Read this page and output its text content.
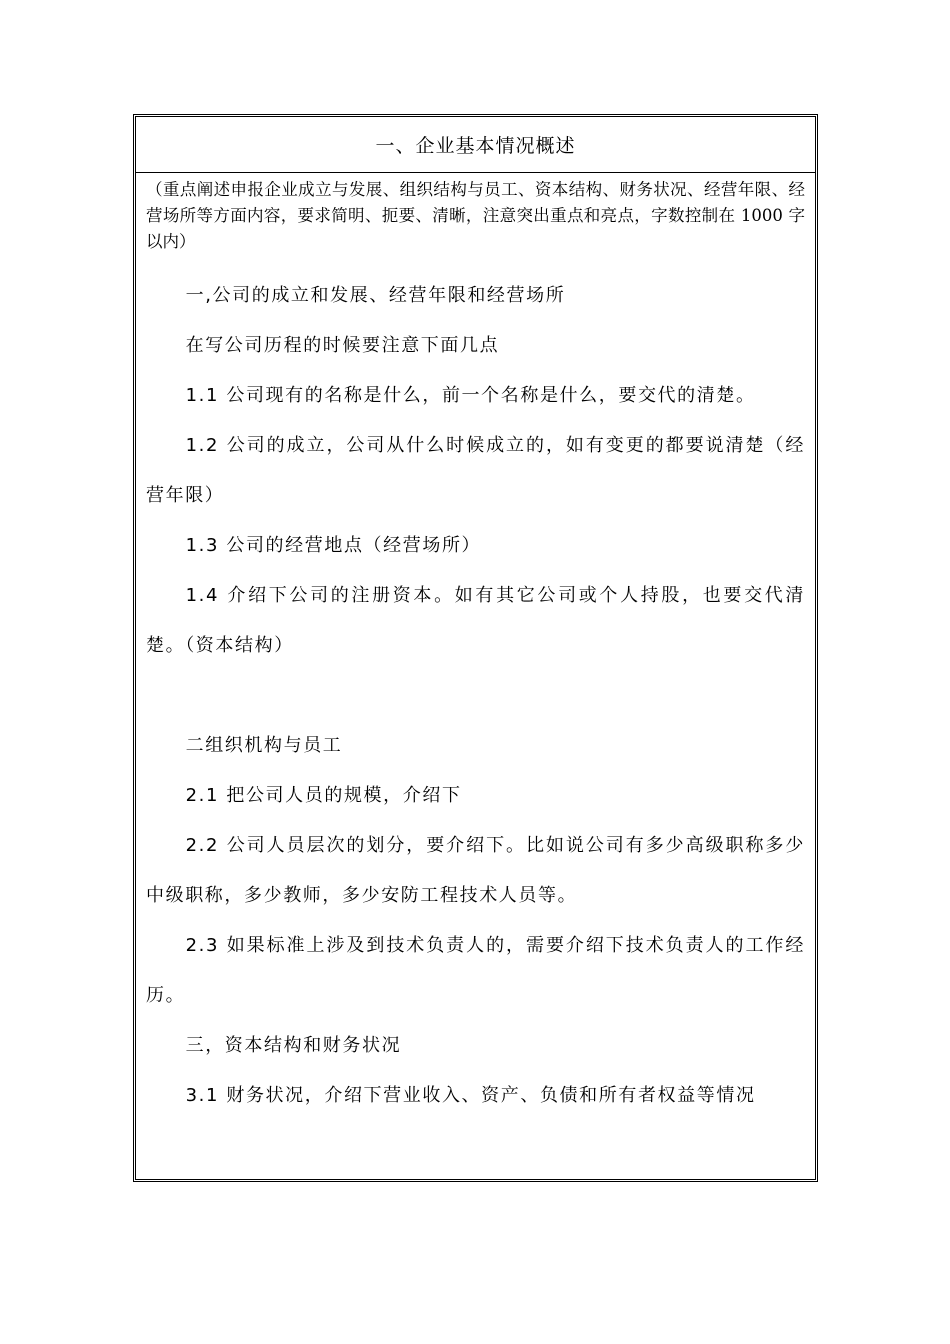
一、企业基本情况概述

（重点阐述申报企业成立与发展、组织结构与员工、资本结构、财务状况、经营年限、经营场所等方面内容，要求简明、扼要、清晰，注意突出重点和亮点，字数控制在 1000 字以内）

一,公司的成立和发展、经营年限和经营场所

在写公司历程的时候要注意下面几点

1.1 公司现有的名称是什么，前一个名称是什么，要交代的清楚。

1.2 公司的成立，公司从什么时候成立的，如有变更的都要说清楚（经营年限）

1.3 公司的经营地点（经营场所）

1.4 介绍下公司的注册资本。如有其它公司或个人持股，也要交代清楚。（资本结构）

二组织机构与员工

2.1 把公司人员的规模，介绍下

2.2 公司人员层次的划分，要介绍下。比如说公司有多少高级职称多少中级职称，多少教师，多少安防工程技术人员等。

2.3 如果标准上涉及到技术负责人的，需要介绍下技术负责人的工作经历。

三，资本结构和财务状况

3.1 财务状况，介绍下营业收入、资产、负债和所有者权益等情况
